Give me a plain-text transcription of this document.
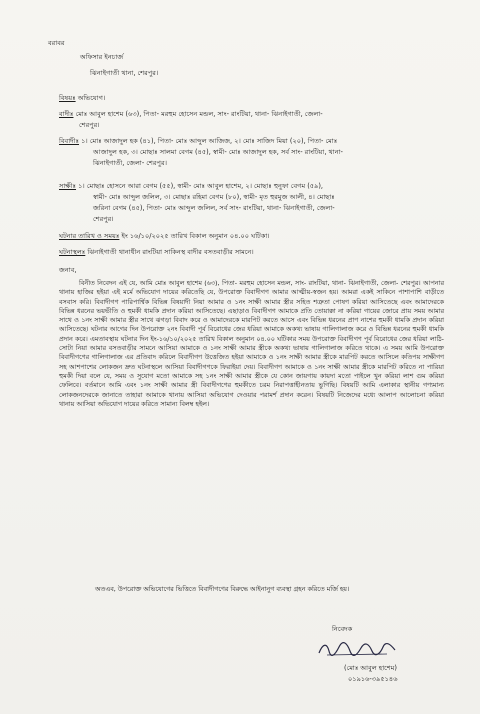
বরাবর
অফিসার ইনচার্জ
ঝিনাইগাতী থানা, শেরপুর।
বিষয়ঃ অভিযোগ।
বাদীঃ মোঃ আবুল হাশেম (৬৩), পিতা- মরহুম হোসেন মন্ডল, সাং- রাংটিয়া, থানা- ঝিনাইগাতী, জেলা-
শেরপুর।
বিবাদীঃ ১। মোঃ আজাদুল হক (৪১), পিতা- মোঃ আব্দুল আজিজ, ২। মোঃ সাজিদ মিয়া (২০), পিতা- মোঃ
আজাদুল হক, ৩। মোছাঃ সালমা বেগম (৪৫), স্বামী- মোঃ আজাদুল হক, সর্ব সাং- রাংটিয়া, থানা-
ঝিনাইগাতী, জেলা- শেরপুর।
সাক্ষীঃ ১। মোছাঃ হোসনে আরা বেগম (৫৫), স্বামী- মোঃ আবুল হাশেম, ২। মোছাঃ হুনুফা বেগম (৫৯),
স্বামী- মোঃ আব্দুল জলিল, ৩। মোছাঃ রহিমা বেগম (৮০), স্বামী- মৃত হুরমুজ আলী, ৪। মোছাঃ
জরিনা বেগম (৪৫), পিতা- মোঃ আব্দুল জলিল, সর্ব সাং- রাংটিয়া, থানা- ঝিনাইগাতী, জেলা-
শেরপুর।
ঘটনার তারিখ ও সময়ঃ ইং ১৬/১০/২০২৫ তারিখ বিকাল অনুমান ০৪.০০ ঘটিকা।
ঘটনাস্থলঃ ঝিনাইগাতী থানাধীন রাংটিয়া সাকিনস্থ বাদীর বসতবাড়ীর সামনে।
জনাব,
বিনীত নিবেদন এই যে, আমি মোঃ আবুল হাশেম (৬৩), পিতা- মরহুম হোসেন মন্ডল, সাং- রাংটিয়া, থানা- ঝিনাইগাতী, জেলা- শেরপুর। আপনার থানায় হাজির হইয়া এই মর্মে অভিযোগ দায়ের করিতেছি যে, উপরোক্ত বিবাদীগণ আমার আত্মীয়-স্বজন হয়। আমরা একই সাকিনে পাশাপাশি বাড়ীতে বসবাস করি। বিবাদীগণ পারিপার্শ্বিক বিভিন্ন বিষয়াদী নিয়া আমার ও ১নং সাক্ষী আমার স্ত্রীর সহিত শত্রুতা পোষণ করিয়া আসিতেছে এবং আমাদেরকে বিভিন্ন ধরনের ভয়ভীতি ও হুমকী ধামকি প্রদান করিয়া আসিতেছে। এছাড়াও বিবাদীগণ আমাকে প্রতি তোয়াক্কা না করিয়া গায়ের জোরে প্রায় সময় আমার সাথে ও ১নং সাক্ষী আমার স্ত্রীর সাথে ঝগড়া বিবাদ করে ও আমাদেরকে মারপিট করতে আসে এবং বিভিন্ন ধরনের প্রাণ নাশের হুমকী ধামকি প্রদান করিয়া আসিতেছে। ঘটনার আগের দিন উপরোক্ত ২নং বিবাদী পূর্ব বিরোধের জের ধরিয়া আমাকে অকথ্য ভাষায় গালিগালাজ করে ও বিভিন্ন ধরনের হুমকী ধামকি প্রদান করে। এমতাবস্থায় ঘটনার দিন ইং-১৬/১০/২০২৫ তারিখ বিকাল অনুমান ০৪.০০ ঘটিকার সময় উপরোক্ত বিবাদীগণ পূর্ব বিরোধের জের ধরিয়া লাঠি-সোটা নিয়া আমার বসতবাড়ীর সামনে আসিয়া আমাকে ও ১নং সাক্ষী আমার স্ত্রীকে অকথ্য ভাষায় গালিগালাজ করিতে থাকে। এ সময় আমি উপরোক্ত বিবাদীগণের গালিগালাজ এর প্রতিবাদ করিলে বিবাদীগণ উত্তেজিত হইয়া আমাকে ও ১নং সাক্ষী আমার স্ত্রীকে মারপিট করতে আসিলে কতিপয় সাক্ষীগণ সহ আশপাশের লোকজন দ্রুত ঘটনাস্থলে আসিয়া বিবাদীগণকে ফিরাইয়া দেয়। বিবাদীগণ আমাকে ও ১নং সাক্ষী আমার স্ত্রীকে মারপিট করিতে না পারিয়া হুমকী দিয়া বলে যে, সময় ও সুযোগ মতো আমাকে সহ ১নং সাক্ষী আমার স্ত্রীকে যে কোন জায়গায় কায়দা মতো পাইলে খুন করিয়া লাশ গুম করিয়া ফেলিবে। বর্তমানে আমি এবং ১নং সাক্ষী আমার স্ত্রী বিবাদীগণের হুমকীতে চরম নিরাপত্তাহীনতায় ভুগিছি। বিষয়টি আমি এলাকার স্থানীয় গণ্যমান্য লোকজনদেরকে জানাতে তাহারা আমাকে থানায় আসিয়া অভিযোগ দেওয়ার পরামর্শ প্রদান করেন। বিষয়টি নিজেদের মধ্যে আলাপ আলোচনা করিয়া থানায় আসিয়া অভিযোগ দায়ের করিতে সামান্য বিলম্ব হইল।
অতএব, উপরোক্ত অভিযোগের ভিত্তিতে বিবাদীগণের বিরুদ্ধে আইনানুগ ব্যবস্থা গ্রহন করিতে মর্জি হয়।
নিবেদক
(মোঃ আবুল হাশেম)
০১৯১৬-৩৯৫১৪৬
